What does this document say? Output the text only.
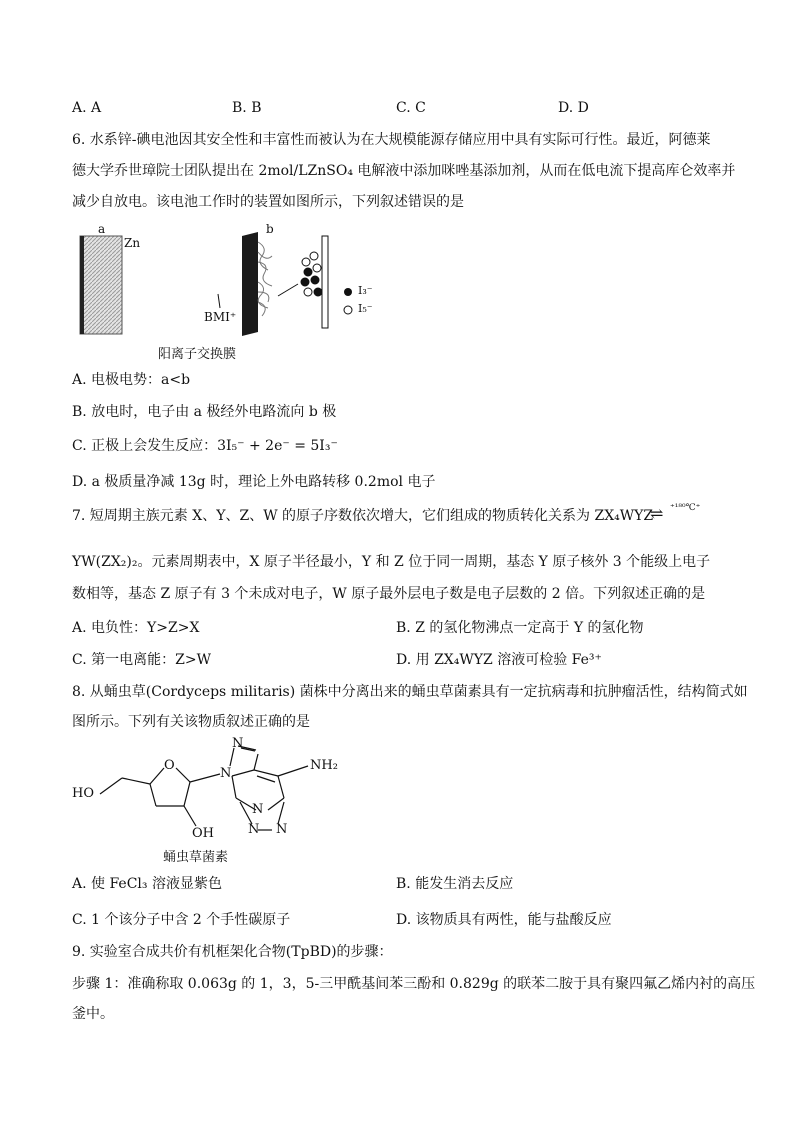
A. A	B. B	C. C	D. D
6. 水系锌-碘电池因其安全性和丰富性而被认为在大规模能源存储应用中具有实际可行性。最近，阿德莱
德大学乔世璋院士团队提出在 2mol/LZnSO₄ 电解液中添加咪唑基添加剂，从而在低电流下提高库仑效率并
减少自放电。该电池工作时的装置如图所示，下列叙述错误的是
a
Zn
b
BMI⁺
I₃⁻
I₅⁻
阳离子交换膜
A. 电极电势：a<b
B. 放电时，电子由 a 极经外电路流向 b 极
C. 正极上会发生反应：3I₅⁻ + 2e⁻ = 5I₃⁻
D. a 极质量净减 13g 时，理论上外电路转移 0.2mol 电子
7. 短周期主族元素 X、Y、Z、W 的原子序数依次增大，它们组成的物质转化关系为 ZX₄WYZ ⁺¹⁸⁰℃⁺
⇌
YW(ZX₂)₂。元素周期表中，X 原子半径最小，Y 和 Z 位于同一周期，基态 Y 原子核外 3 个能级上电子
数相等，基态 Z 原子有 3 个未成对电子，W 原子最外层电子数是电子层数的 2 倍。下列叙述正确的是
A. 电负性：Y>Z>X	B. Z 的氢化物沸点一定高于 Y 的氢化物
C. 第一电离能：Z>W	D. 用 ZX₄WYZ 溶液可检验 Fe³⁺
8. 从蛹虫草(Cordyceps militaris) 菌株中分离出来的蛹虫草菌素具有一定抗病毒和抗肿瘤活性，结构简式如
图所示。下列有关该物质叙述正确的是
HO
O
OH
N
N
N
N N
NH₂
蛹虫草菌素
A. 使 FeCl₃ 溶液显紫色	B. 能发生消去反应
C. 1 个该分子中含 2 个手性碳原子	D. 该物质具有两性，能与盐酸反应
9. 实验室合成共价有机框架化合物(TpBD)的步骤：
步骤 1：准确称取 0.063g 的 1，3，5-三甲酰基间苯三酚和 0.829g 的联苯二胺于具有聚四氟乙烯内衬的高压
釜中。
